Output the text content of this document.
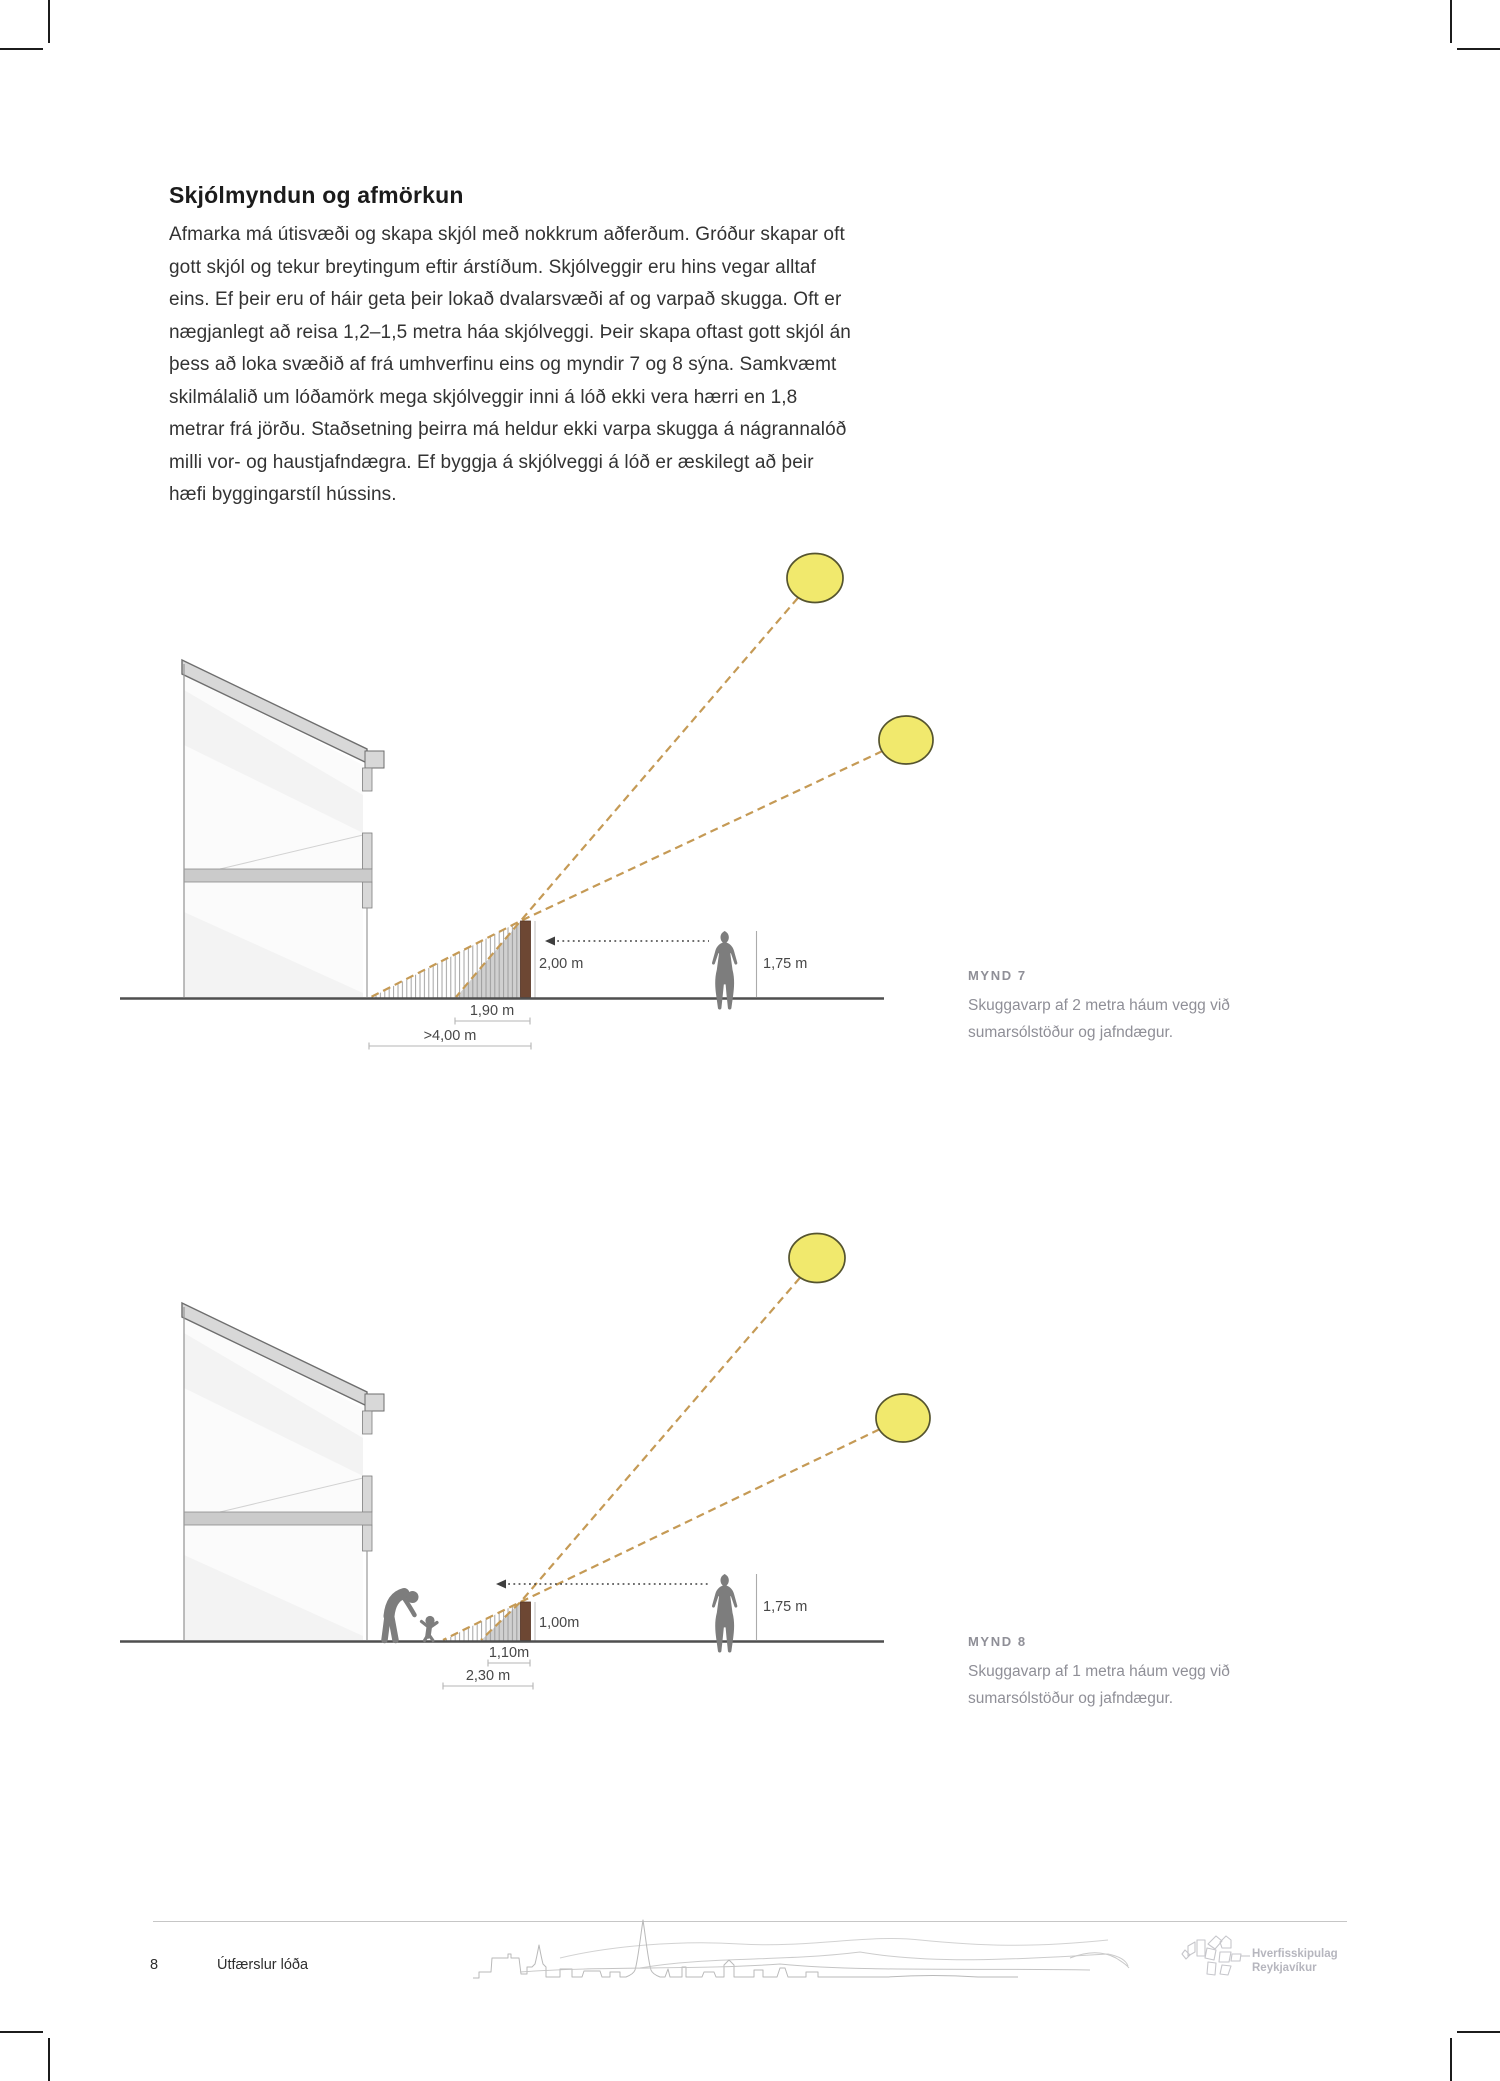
Skjólmyndun og afmörkun
Afmarka má útisvæði og skapa skjól með nokkrum aðferðum. Gróður skapar oft
gott skjól og tekur breytingum eftir árstíðum. Skjólveggir eru hins vegar alltaf
eins. Ef þeir eru of háir geta þeir lokað dvalarsvæði af og varpað skugga. Oft er
nægjanlegt að reisa 1,2–1,5 metra háa skjólveggi. Þeir skapa oftast gott skjól án
þess að loka svæðið af frá umhverfinu eins og myndir 7 og 8 sýna. Samkvæmt
skilmálalið um lóðamörk mega skjólveggir inni á lóð ekki vera hærri en 1,8
metrar frá jörðu. Staðsetning þeirra má heldur ekki varpa skugga á nágrannalóð
milli vor- og haustjafndægra. Ef byggja á skjólveggi á lóð er æskilegt að þeir
hæfi byggingarstíl hússins.
2,00 m	1,75 m
1,90 m
>4,00 m
MYND 7
Skuggavarp af 2 metra háum vegg við
sumarsólstöður og jafndægur.
1,00m
1,75 m
1,10m
2,30 m
MYND 8
Skuggavarp af 1 metra háum vegg við
sumarsólstöður og jafndægur.
8	Útfærslur lóða
Hverfisskipulag
Reykjavíkur
